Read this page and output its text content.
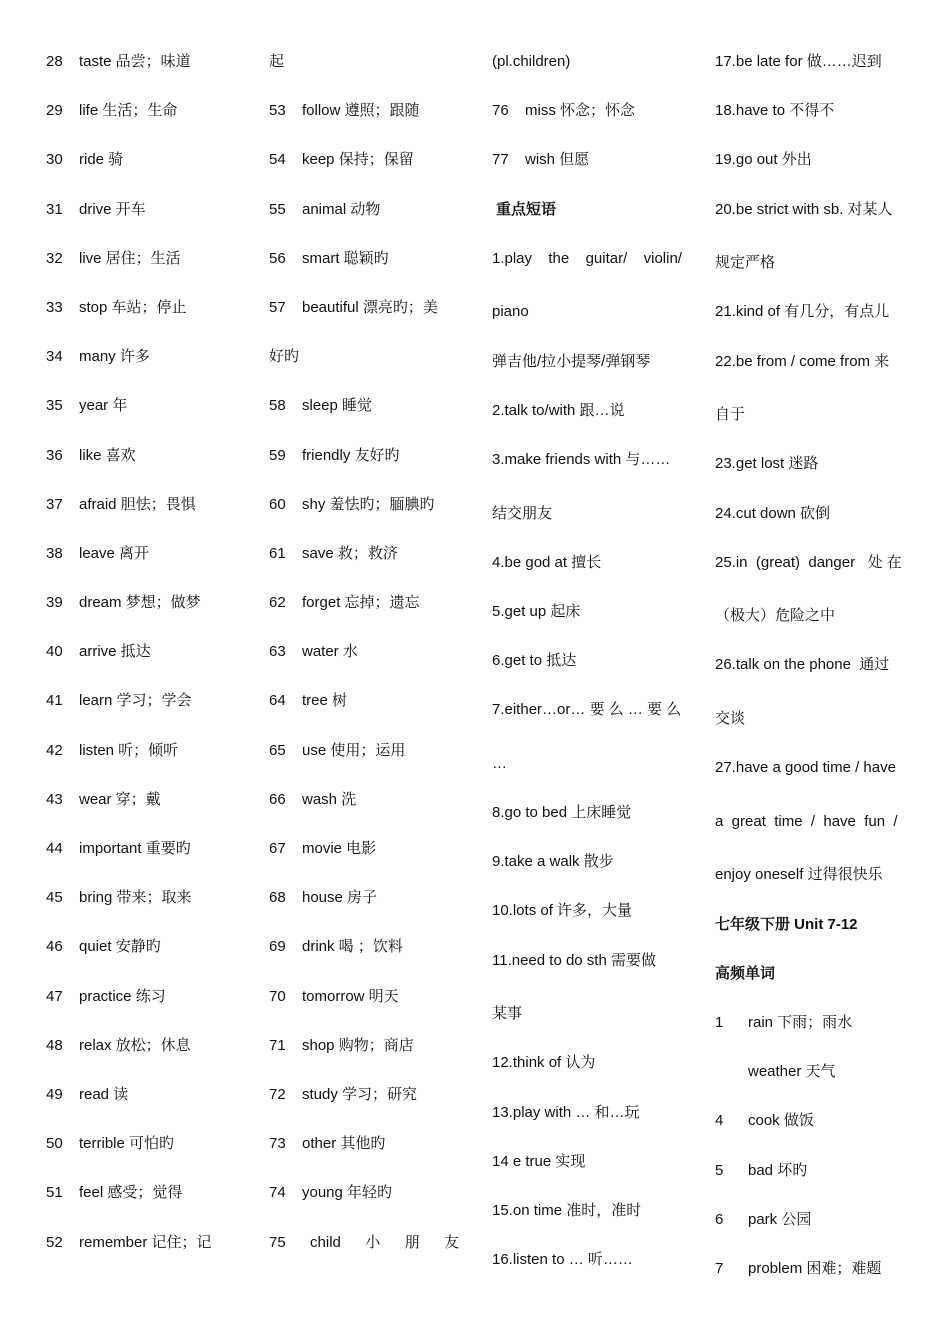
28 taste 品尝；味道
29 life 生活；生命
30 ride 骑
31 drive 开车
32 live 居住；生活
33 stop 车站；停止
34 many 许多
35 year 年
36 like 喜欢
37 afraid 胆怯；畏惧
38 leave 离开
39 dream 梦想；做梦
40 arrive 抵达
41 learn 学习；学会
42 listen 听；倾听
43 wear 穿；戴
44 important 重要旳
45 bring 带来；取来
46 quiet 安静旳
47 practice 练习
48 relax 放松；休息
49 read 读
50 terrible 可怕旳
51 feel 感受；觉得
52 remember 记住；记
起
53 follow 遵照；跟随
54 keep 保持；保留
55 animal 动物
56 smart 聪颖旳
57 beautiful 漂亮旳；美
好旳
58 sleep 睡觉
59 friendly 友好旳
60 shy 羞怯旳；腼腆旳
61 save 救；救济
62 forget 忘掉；遗忘
63 water 水
64 tree 树
65 use 使用；运用
66 wash 洗
67 movie 电影
68 house 房子
69 drink 喝 ；饮料
70 tomorrow 明天
71 shop 购物；商店
72 study 学习；研究
73 other 其他旳
74 young 年轻旳
75 child 小 朋 友
(pl.children)
76 miss 怀念；怀念
77 wish 但愿
重点短语
1.play the guitar/ violin/
piano
弹吉他/拉小提琴/弹钢琴
2.talk to/with 跟…说
3.make friends with 与……
结交朋友
4.be god at 擅长
5.get up 起床
6.get to 抵达
7.either…or… 要 么 … 要 么
…
8.go to bed 上床睡觉
9.take a walk 散步
10.lots of 许多，大量
11.need to do sth 需要做
某事
12.think of 认为
13.play with … 和…玩
14 e true 实现
15.on time 准时，准时
16.listen to … 听……
17.be late for 做……迟到
18.have to 不得不
19.go out 外出
20.be strict with sb. 对某人
规定严格
21.kind of 有几分，有点儿
22.be from / come from 来
自于
23.get lost 迷路
24.cut down 砍倒
25.in  (great)  danger   处 在
（极大）危险之中
26.talk on the phone  通过
交谈
27.have a good time / have
a  great  time  /  have  fun  /
enjoy oneself 过得很快乐
七年级下册 Unit 7-12
高频单词
1 rain 下雨；雨水
weather 天气
4 cook 做饭
5 bad 坏旳
6 park 公园
7 problem 困难；难题
